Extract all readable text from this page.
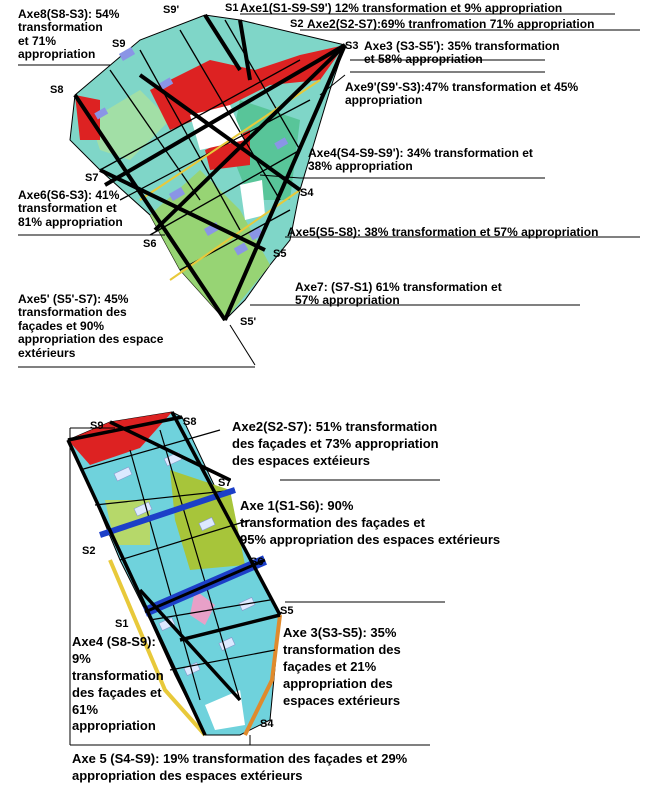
S9'	S1
S2
S3
S9
S8
S7
S4
S6
S5
S5'
Axe1(S1-S9-S9') 12% transformation et 9% appropriation
Axe2(S2-S7):69% tranfromation 71% appropriation
Axe3 (S3-S5'): 35% transformation
et 58% appropriation
Axe8(S8-S3): 54%
transformation
et 71%
appropriation
Axe9'(S9'-S3):47% transformation et 45%
appropriation
Axe4(S4-S9-S9'): 34% transformation et
38% appropriation
Axe6(S6-S3): 41%
transformation et
81% appropriation
Axe5(S5-S8): 38% transformation et 57% appropriation
Axe7: (S7-S1) 61% transformation et
57% appropriation
Axe5' (S5'-S7): 45%
transformation des
façades et 90%
appropriation des espace
extérieurs
S9	S8
S7
S2
S6
S5
S1
S4
Axe2(S2-S7): 51% transformation
des façades et 73% appropriation
des espaces extéieurs
Axe 1(S1-S6): 90%
transformation des façades et
95% appropriation des espaces extérieurs
Axe4 (S8-S9):
9%
transformation
des façades et
61%
appropriation
Axe 3(S3-S5): 35%
transformation des
façades et 21%
appropriation des
espaces extérieurs
Axe 5 (S4-S9): 19% transformation des façades et 29%
appropriation des espaces extérieurs
